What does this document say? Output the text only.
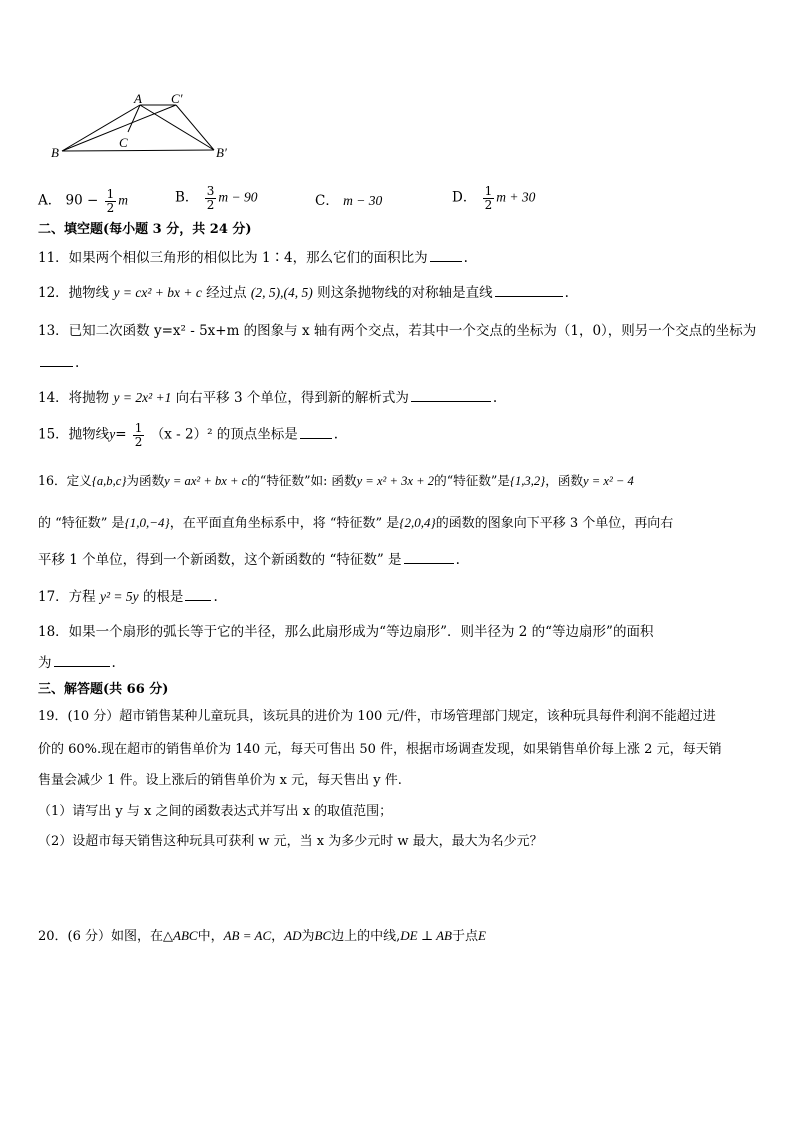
A C′
B
C
B′
A． $90 - \frac{1}{2}$ m	B． $\frac{3}{2}$ m − 90	C． m − 30	D． $\frac{1}{2}$ m + 30
二、填空题(每小题 3 分，共 24 分)
11．如果两个相似三角形的相似比为 1∶4，那么它们的面积比为	.
12．抛物线 y = cx² + bx + c 经过点 (2, 5),(4, 5) 则这条抛物线的对称轴是直线	.
13．已知二次函数 y=x² - 5x+m 的图象与 x 轴有两个交点，若其中一个交点的坐标为（1，0），则另一个交点的坐标为
.
14．将抛物 y = 2x² +1 向右平移 3 个单位，得到新的解析式为	.
15．抛物线$y= \frac{1}{2} (x - 2)^2$ 的顶点坐标是	.
16．定义{a,b,c}为函数y = ax² + bx + c的“特征数”如: 函数y = x² + 3x + 2的“特征数”是{1,3,2}，函数y = x² − 4
的 “特征数” 是{1,0,−4}，在平面直角坐标系中，将 “特征数” 是{2,0,4}的函数的图象向下平移 3 个单位，再向右
平移 1 个单位，得到一个新函数，这个新函数的 “特征数” 是	.
17．方程 y² = 5y 的根是 .
18．如果一个扇形的弧长等于它的半径，那么此扇形成为“等边扇形”．则半径为 2 的“等边扇形”的面积
为	.
三、解答题(共 66 分)
19．(10 分）超市销售某种儿童玩具，该玩具的进价为 100 元/件，市场管理部门规定，该种玩具每件利润不能超过进
价的 60%.现在超市的销售单价为 140 元，每天可售出 50 件，根据市场调查发现，如果销售单价每上涨 2 元，每天销
售量会减少 1 件。设上涨后的销售单价为 x 元，每天售出 y 件.
（1）请写出 y 与 x 之间的函数表达式并写出 x 的取值范围；
（2）设超市每天销售这种玩具可获利 w 元，当 x 为多少元时 w 最大，最大为名少元？
20．(6 分）如图，在△ABC中，AB = AC，AD为BC边上的中线,DE ⊥ AB于点E
